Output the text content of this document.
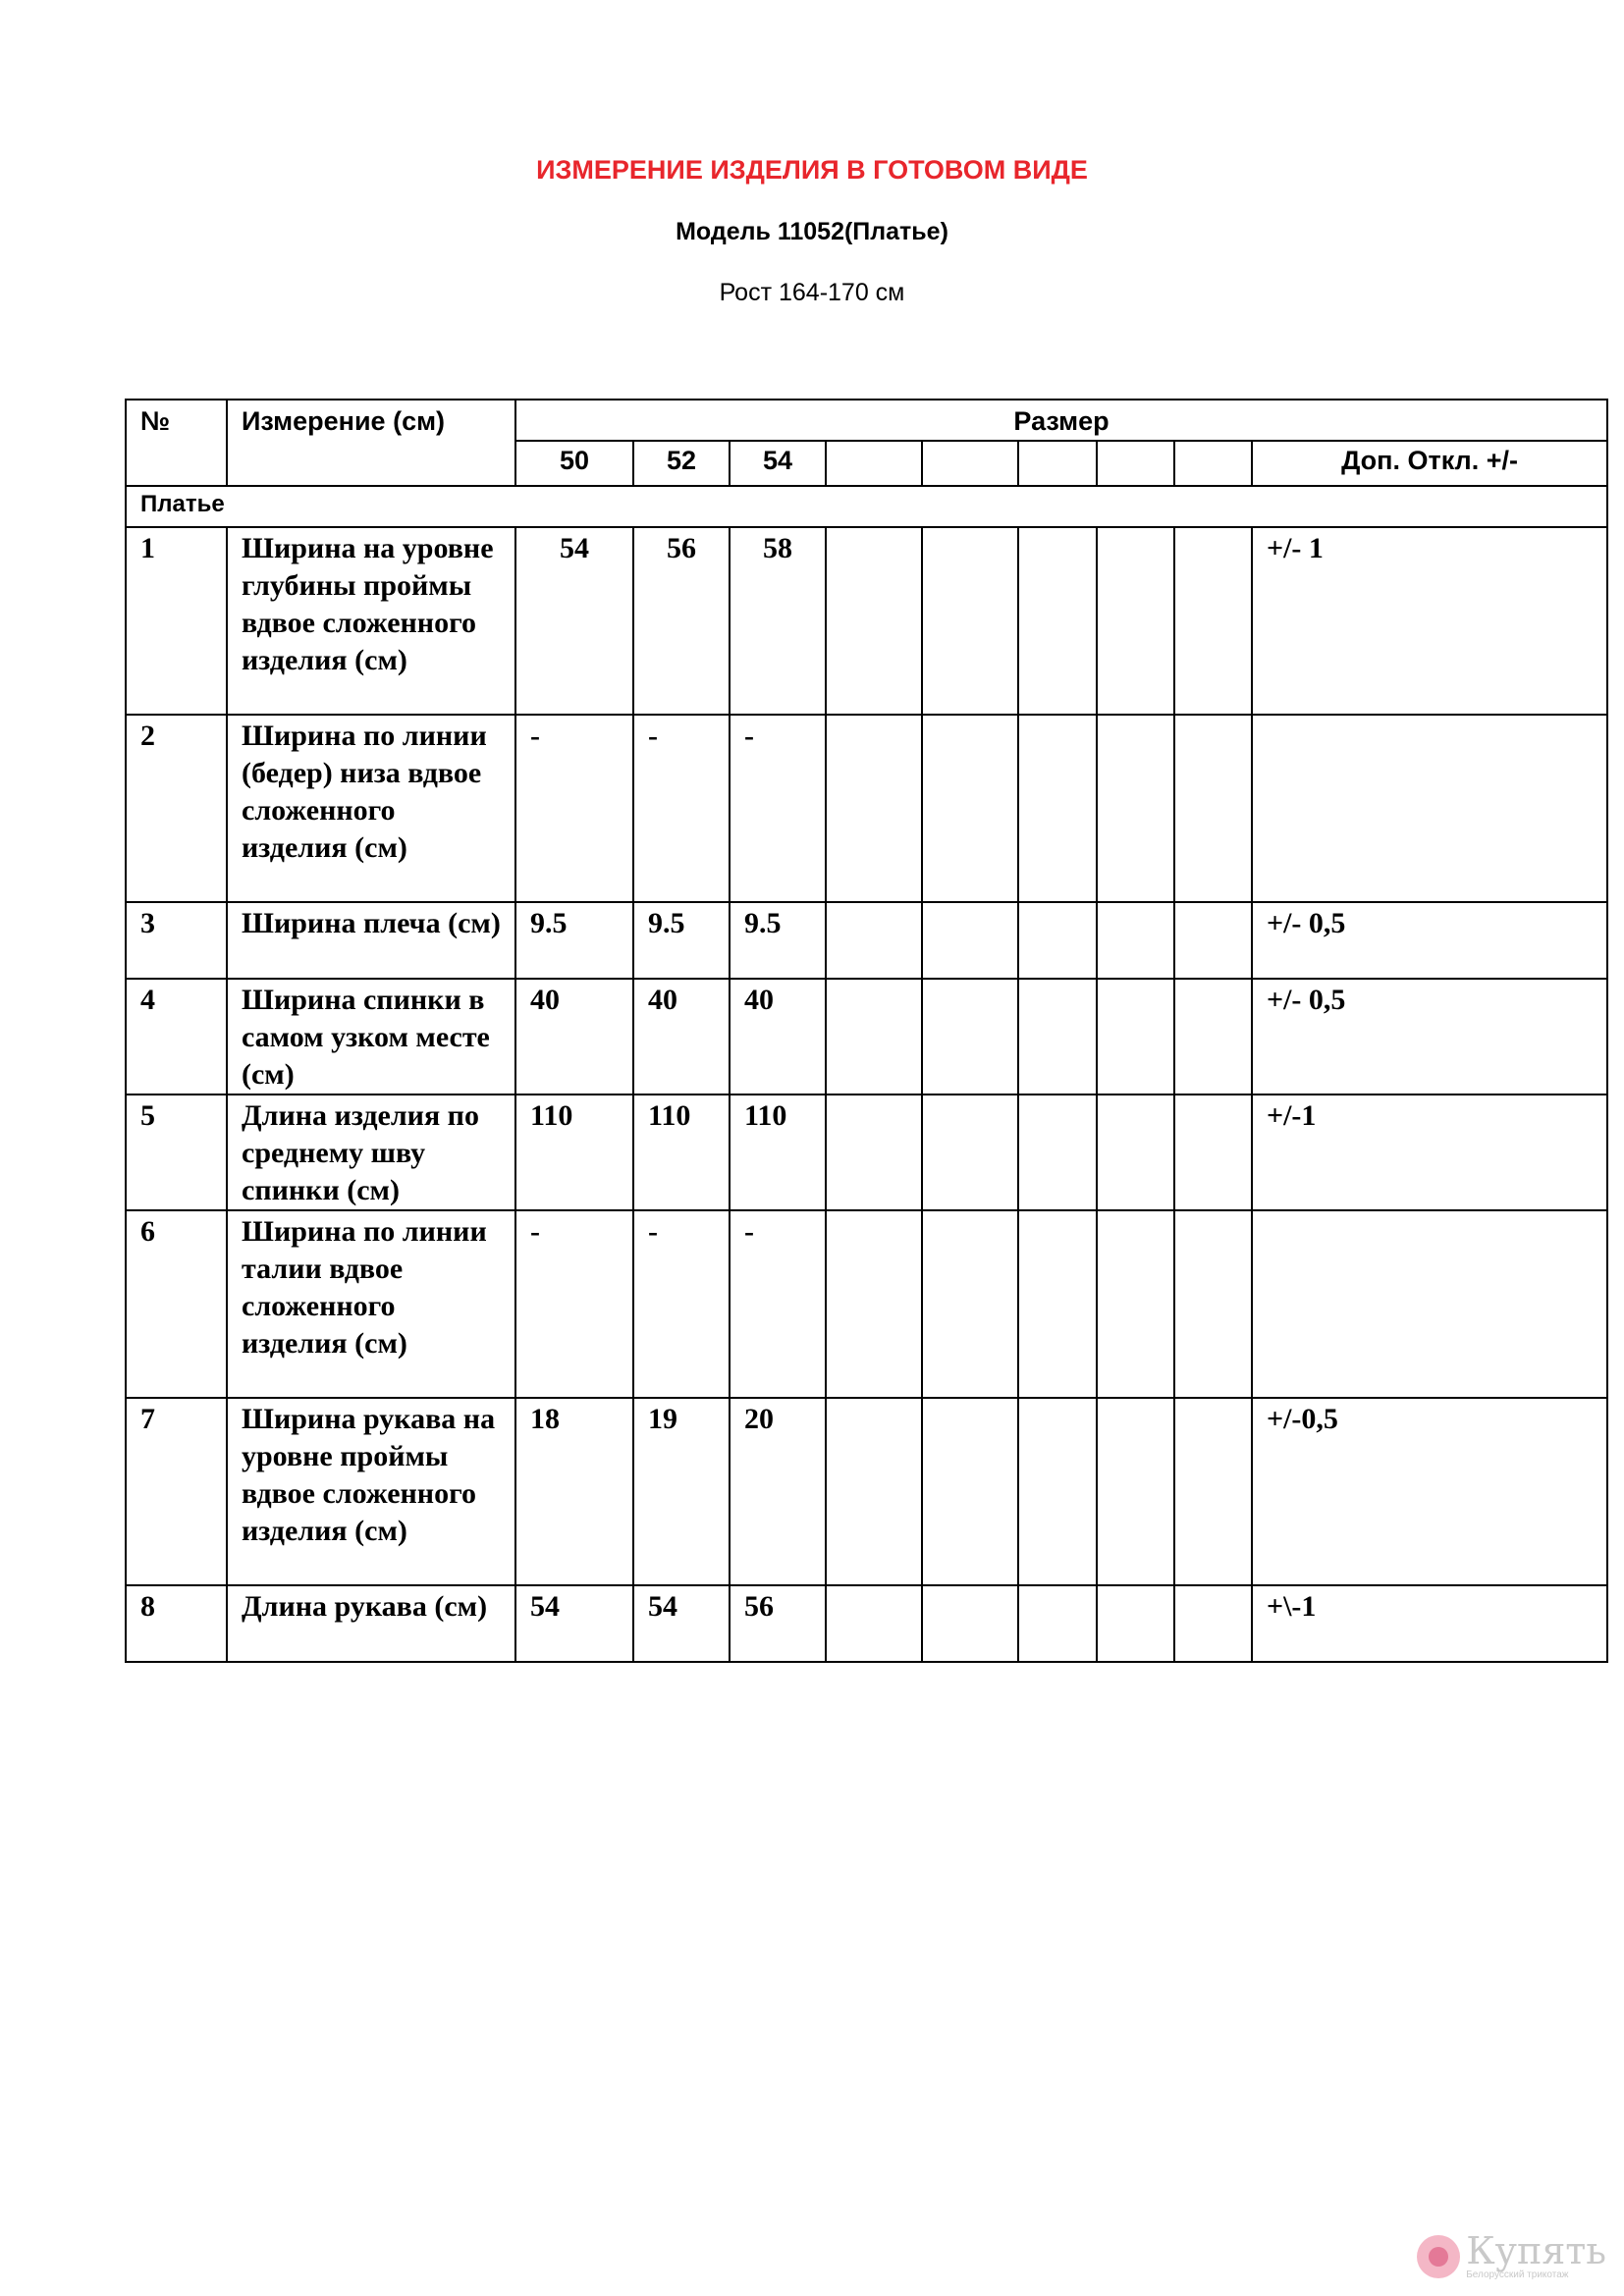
ИЗМЕРЕНИЕ ИЗДЕЛИЯ В ГОТОВОМ ВИДЕ
Модель 11052(Платье)
Рост 164-170 см
№	Измерение (см)	Размер								
		50	52	54						Доп. Откл. +/-
Платье										
1	Ширина на уровне глубины проймы вдвое сложенного изделия (см)	54	56	58						+/- 1
2	Ширина по линии (бедер) низа вдвое сложенного изделия (см)	-	-	-						
3	Ширина плеча (см)	9.5	9.5	9.5						+/- 0,5
4	Ширина спинки в самом узком месте (см)	40	40	40						+/- 0,5
5	Длина изделия по среднему шву спинки (см)	110	110	110						+/-1
6	Ширина по линии талии вдвое сложенного изделия (см)	-	-	-						
7	Ширина рукава на уровне проймы вдвое сложенного изделия (см)	18	19	20						+/-0,5
8	Длина рукава (см)	54	54	56						+\-1
Купять
Белорусский трикотаж
